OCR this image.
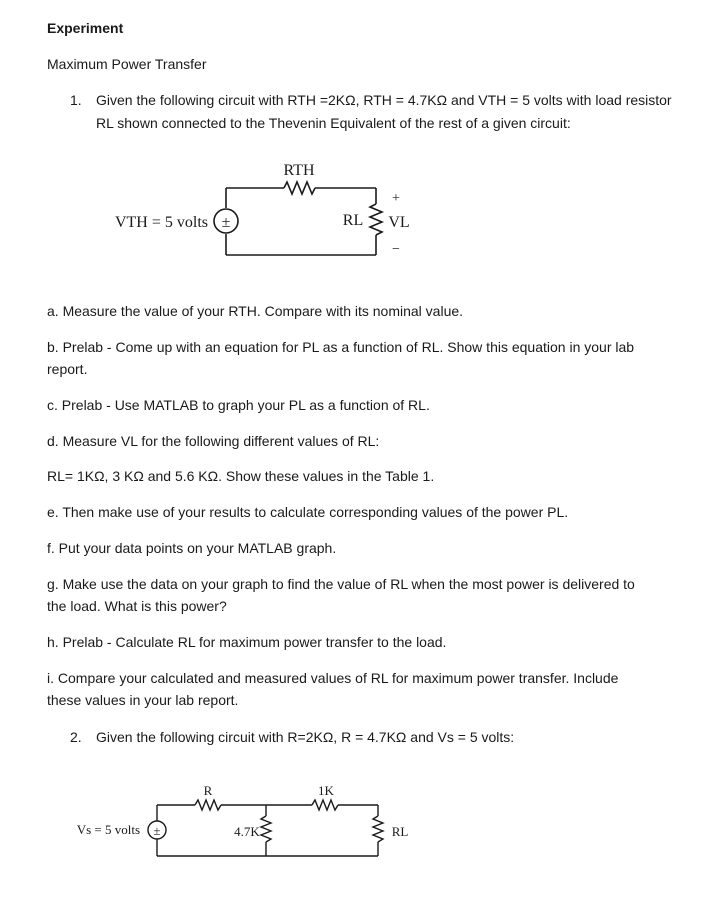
Experiment
Maximum Power Transfer
1. Given the following circuit with RTH =2KΩ, RTH = 4.7KΩ and VTH = 5 volts with load resistor
RL shown connected to the Thevenin Equivalent of the rest of a given circuit:
±
VTH = 5 volts
RTH
RL
+
VL
−
a. Measure the value of your RTH. Compare with its nominal value.
b. Prelab - Come up with an equation for PL as a function of RL. Show this equation in your lab
report.
c. Prelab - Use MATLAB to graph your PL as a function of RL.
d. Measure VL for the following different values of RL:
RL= 1KΩ, 3 KΩ and 5.6 KΩ. Show these values in the Table 1.
e. Then make use of your results to calculate corresponding values of the power PL.
f. Put your data points on your MATLAB graph.
g. Make use the data on your graph to find the value of RL when the most power is delivered to
the load. What is this power?
h. Prelab - Calculate RL for maximum power transfer to the load.
i. Compare your calculated and measured values of RL for maximum power transfer. Include
these values in your lab report.
2. Given the following circuit with R=2KΩ, R = 4.7KΩ and Vs = 5 volts:
±
Vs = 5 volts
R	1K
4.7K	RL
